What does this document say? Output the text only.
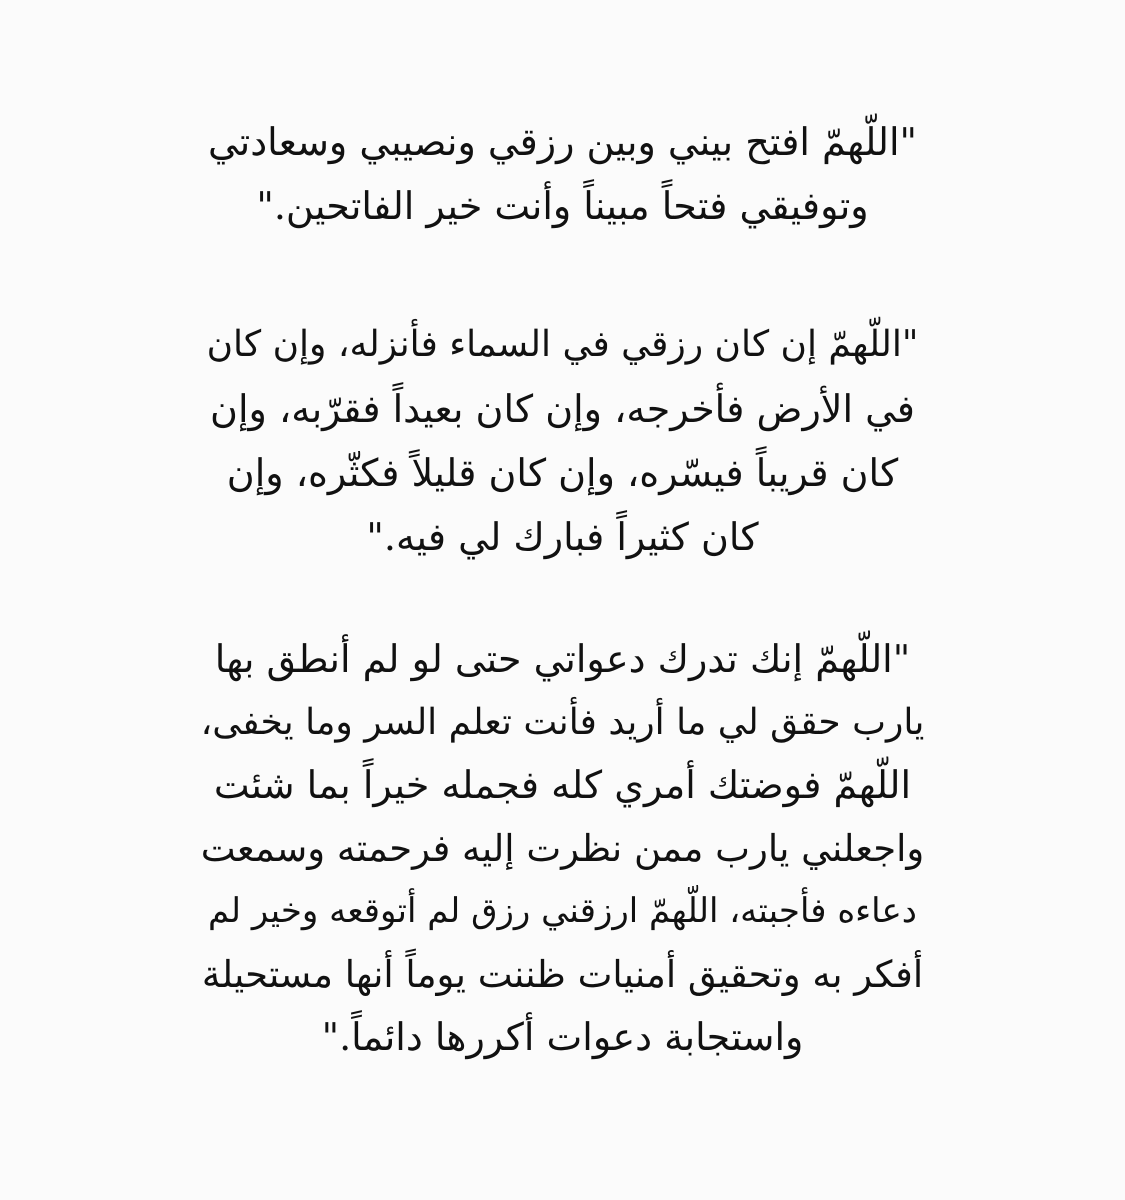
"اللّهمّ افتح بيني وبين رزقي ونصيبي وسعادتي
وتوفيقي فتحاً مبيناً وأنت خير الفاتحين."

"اللّهمّ إن كان رزقي في السماء فأنزله، وإن كان
في الأرض فأخرجه، وإن كان بعيداً فقرّبه، وإن
كان قريباً فيسّره، وإن كان قليلاً فكثّره، وإن
كان كثيراً فبارك لي فيه."

"اللّهمّ إنك تدرك دعواتي حتى لو لم أنطق بها
يارب حقق لي ما أريد فأنت تعلم السر وما يخفى،
اللّهمّ فوضتك أمري كله فجمله خيراً بما شئت
واجعلني يارب ممن نظرت إليه فرحمته وسمعت
دعاءه فأجبته، اللّهمّ ارزقني رزق لم أتوقعه وخير لم
أفكر به وتحقيق أمنيات ظننت يوماً أنها مستحيلة
واستجابة دعوات أكررها دائماً."
